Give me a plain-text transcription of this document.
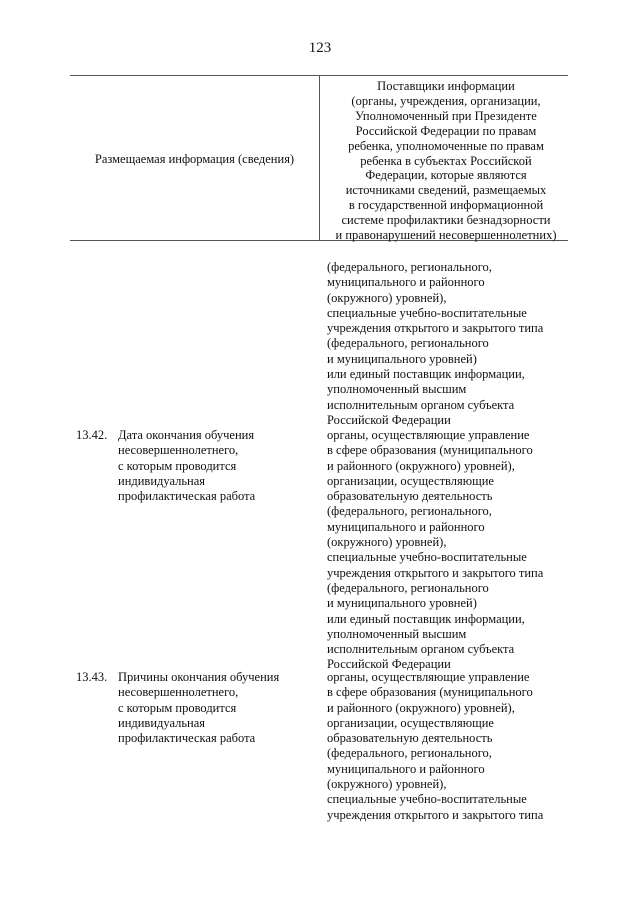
123
Размещаемая информация (сведения)
Поставщики информации
(органы, учреждения, организации,
Уполномоченный при Президенте
Российской Федерации по правам
ребенка, уполномоченные по правам
ребенка в субъектах Российской
Федерации, которые являются
источниками сведений, размещаемых
в государственной информационной
системе профилактики безнадзорности
и правонарушений несовершеннолетних)
(федерального, регионального,
муниципального и районного
(окружного) уровней),
специальные учебно-воспитательные
учреждения открытого и закрытого типа
(федерального, регионального
и муниципального уровней)
или единый поставщик информации,
уполномоченный высшим
исполнительным органом субъекта
Российской Федерации
13.42. Дата окончания обучения
несовершеннолетнего,
с которым проводится
индивидуальная
профилактическая работа
органы, осуществляющие управление
в сфере образования (муниципального
и районного (окружного) уровней),
организации, осуществляющие
образовательную деятельность
(федерального, регионального,
муниципального и районного
(окружного) уровней),
специальные учебно-воспитательные
учреждения открытого и закрытого типа
(федерального, регионального
и муниципального уровней)
или единый поставщик информации,
уполномоченный высшим
исполнительным органом субъекта
Российской Федерации
13.43. Причины окончания обучения
несовершеннолетнего,
с которым проводится
индивидуальная
профилактическая работа
органы, осуществляющие управление
в сфере образования (муниципального
и районного (окружного) уровней),
организации, осуществляющие
образовательную деятельность
(федерального, регионального,
муниципального и районного
(окружного) уровней),
специальные учебно-воспитательные
учреждения открытого и закрытого типа
